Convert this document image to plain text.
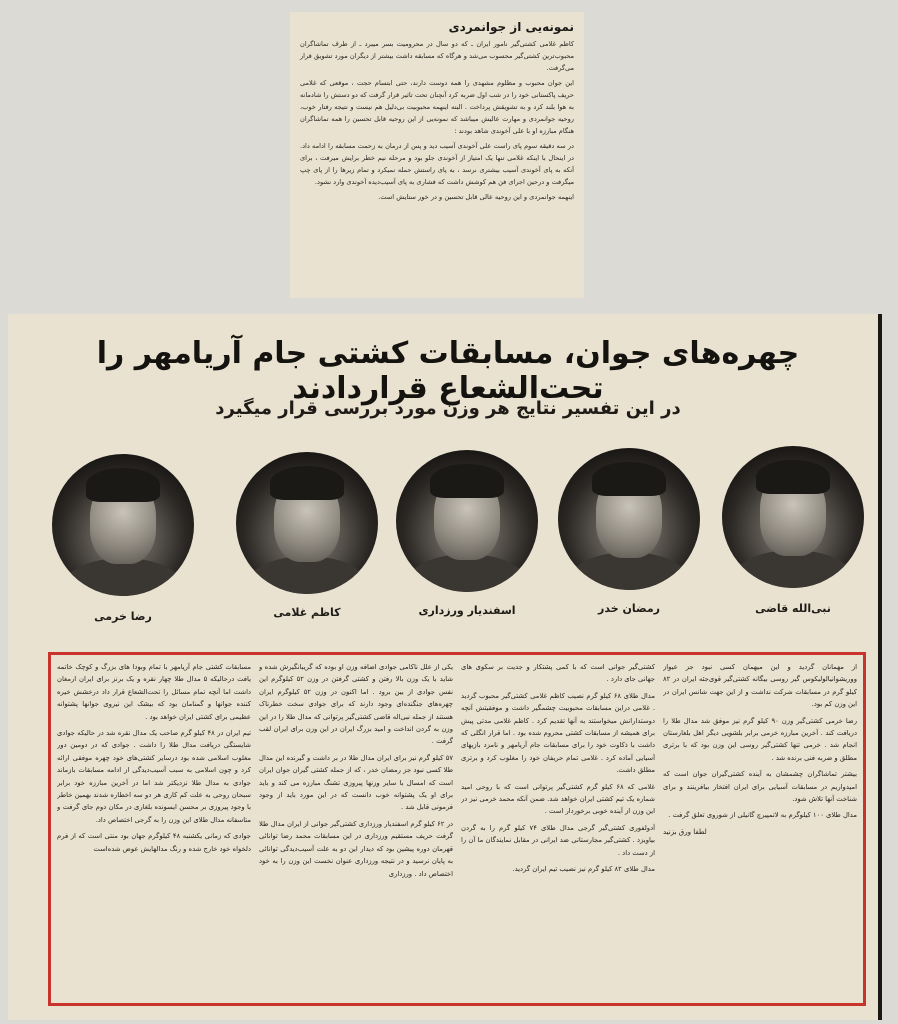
نمونه‌یی از جوانمردی

کاظم غلامی کشتی‌گیر نامور ایران ـ که دو سال در محرومیت بسر میبرد ـ از طرف تماشاگران محبوب‌ترین کشتی‌گیر محسوب می‌شد و هرگاه که مسابقه داشت بیشتر از دیگران مورد تشویق قرار می‌گرفت.

این جوان محبوب و مظلوم مشهدی را همه دوست دارند، حتی ابتسام حجت ، موقعی که غلامی حریف پاکستانی خود را در شب اول ضربه کرد آنچنان تحت تاثیر قرار گرفت که دو دستش را شادمانه به هوا بلند کرد و به تشویقش پرداخت . البته اینهمه محبوبیت بی‌دلیل هم نیست و نتیجه رفتار خوب، روحیه جوانمردی و مهارت عالیش میباشد که نمونه‌یی از این روحیه قابل تحسین را همه تماشاگران هنگام مبارزه او با علی آخوندی شاهد بودند :

در سه دقیقه سوم پای راست علی آخوندی آسیب دید و پس از درمان به زحمت مسابقه را ادامه داد. در اینحال با اینکه غلامی تنها یک امتیاز از آخوندی جلو بود و مرحله نیم خطر برایش میرفت ، برای آنکه به پای آخوندی آسیب بیشتری نرسد ، به پای راستش حمله نمیکرد و تمام زیرها را از پای چپ میگرفت و درحین اجرای فن هم کوشش داشت که فشاری به پای آسیب‌دیده آخوندی وارد نشود.

اینهمه جوانمردی و این روحیه عالی قابل تحسین و در خور ستایش است.

چهره‌های جوان، مسابقات کشتی جام آریامهر را تحت‌الشعاع قراردادند
در این تفسیر نتایج هر وزن مورد بررسی قرار میگیرد
نبی‌الله قاضی
رمضان خدر
اسفندیار ورزداری
کاظم غلامی
رضا خرمی

مسابقات کشتی جام آریامهر با تمام وبودا های بزرگ و کوچک خاتمه یافت درحالیکه ۵ مدال طلا چهار نقره و یک برنز برای ایران ارمغان داشت اما آنچه تمام مسائل را تحت‌الشعاع قرار داد درخشش خیره کننده جوانها و گمنامان بود که بیشک این نیروی جوانها پشتوانه عظیمی برای کشتی ایران خواهد بود .

تیم ایران در ۴۸ کیلو گرم صاحب یک مدال نقره شد در حالیکه جوادی شایستگی دریافت مدال طلا را داشت . جوادی که در دومین دور مغلوب اسلامی شده بود درسایر کشتی‌های خود چهره موفقی ارائه کرد و چون اسلامی به سبب آسیب‌دیدگی از ادامه مسابقات بازماند جوادی به مدال طلا نزدیکتر شد اما در آخرین مبارزه خود برابر سبحان روحی به علت کم کاری هر دو سه اخطاره شدند بهمین خاطر با وجود پیروزی بر محسن ایسونده بلغاری در مکان دوم جای گرفت و متاسفانه مدال طلای این وزن را به گرجی اختصاص داد.

جوادی که زمانی یکشنبه ۴۸ کیلوگرم جهان بود منتی است که از فرم دلخواه خود خارج شده و رنگ مدالهایش عوض شده‌است

یکی از علل ناکامی جوادی اضافه وزن او بوده که گریبانگیرش شده و شاید با یک وزن بالا رفتن و کشتی گرفتن در وزن ۵۲ کیلوگرم این نفس جوادی از بین برود . اما اکنون در وزن ۵۲ کیلوگرم ایران چهره‌های جنگنده‌ای وجود دارند که برای جوادی سخت خطرناک هستند از جمله نبی‌اله قاضی کشتی‌گیر پرتوانی که مدال طلا را در این وزن به گردن انداخت و امید بزرگ ایران در این وزن برای ایران لقب گرفت .

۵۷ کیلو گرم نیز برای ایران مدال طلا در بر داشت و گیرنده این مدال طلا کسی نبود جز رمضان خدر ، که از جمله کشتی گیران جوان ایران است که امسال با سایر وزنها پیروزی تشنگ مبارزه می کند و باید برای او یک پشتوانه خوب دانست که در این مورد باید از وجود فرمونی قابل شد .

در ۶۲ کیلو گرم اسفندیار ورزداری کشتی‌گیر جوانی از ایران مدال طلا گرفت حریف مستقیم ورزداری در این مسابقات محمد رضا توانائی قهرمان دوره پیشین بود که دیدار این دو به علت آسیب‌دیدگی توانائی به پایان نرسید و در نتیجه ورزداری عنوان نخست این وزن را به خود اختصاص داد . ورزداری

کشتی‌گیر جوانی است که با کمی پشتکار و جدیت بر سکوی های جهانی جای دارد .

مدال طلای ۶۸ کیلو گرم نصیب کاظم غلامی کشتی‌گیر محبوب گردید . غلامی دراین مسابقات محبوبیت چشمگیر داشت و موفقیتش آنچه دوستدارانش میخواستند به آنها تقدیم کرد . کاظم غلامی مدتی پیش برای همیشه از مسابقات کشتی محروم شده بود . اما قرار انگلی که داشت با ذکاوت خود را برای مسابقات جام آریامهر و نامزد بازیهای آسیایی آماده کرد . غلامی تمام حریفان خود را مغلوب کرد و برتری مطلق داشت.

غلامی که ۶۸ کیلو گرم کشتی‌گیر پرتوانی است که با روحی امید شماره یک تیم کشتی ایران خواهد شد. ضمن آنکه محمد خرمی نیز در این وزن از آینده خوبی برخوردار است .

آدولفوری کشتی‌گیر گرجی مدال طلای ۷۴ کیلو گرم را به گردن بیاویزد . کشتی‌گیر مجارستانی ضد ایرانی در مقابل نمایندگان ما آن را از دست داد .

مدال طلای ۸۲ کیلو گرم نیز نصیب تیم ایران گردید.

از مهمانان گردید و این میهمان کسی نبود جز عیواز ووریشوانیالولیکوس گیر روسی بیگانه کشتی‌گیر قوی‌جثه ایران در ۸۲ کیلو گرم در مسابقات شرکت نداشت و از این جهت شانس ایران در این وزن کم بود.

رضا خرمی کشتی‌گیر وزن ۹۰ کیلو گرم نیز موفق شد مدال طلا را دریافت کند . آخرین مبارزه خرمی برابر بلشویی دیگر اهل بلغارستان انجام شد . خرمی تنها کشتی‌گیر روسی این وزن بود که با برتری مطلق و ضربه فنی برنده شد .

بیشتر تماشاگران چشمشان به آینده کشتی‌گیران جوان است که امیدواریم در مسابقات آسیایی برای ایران افتخار بیافرینند و برای شناخت آنها تلاش شود.

مدال طلای ۱۰۰ کیلوگرم به لاتمپیرچ گانیلی از شوروی تعلق گرفت .

لطفا ورق بزنید
